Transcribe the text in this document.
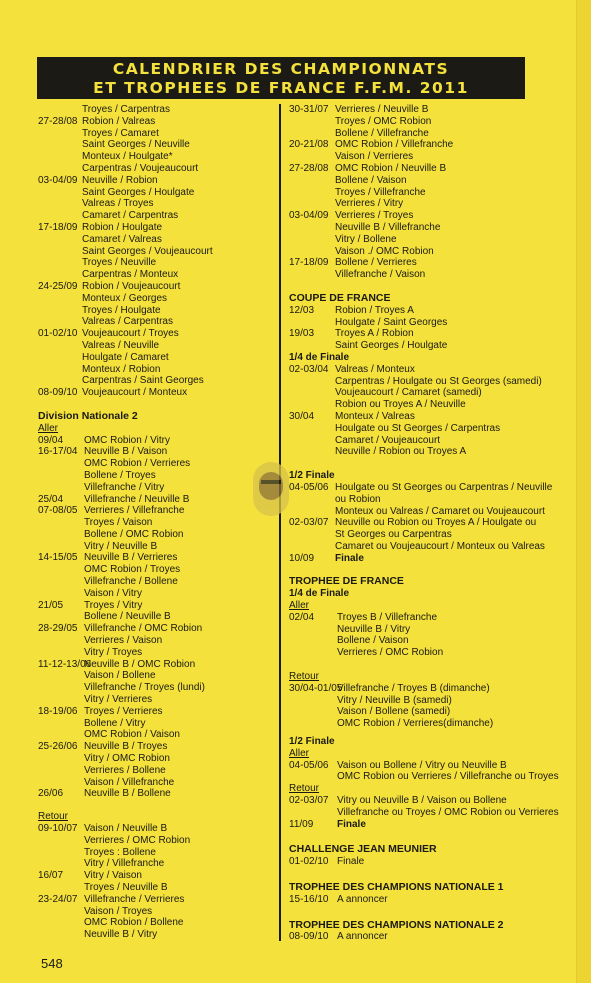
CALENDRIER DES CHAMPIONNATS
ET TROPHEES DE FRANCE F.F.M. 2011
Troyes / Carpentras
27-28/08 Robion / Valreas
Troyes / Camaret
Saint Georges / Neuville
Monteux / Houlgate*
Carpentras / Voujeaucourt
03-04/09 Neuville / Robion
Saint Georges / Houlgate
Valreas / Troyes
Camaret / Carpentras
17-18/09 Robion / Houlgate
Camaret / Valreas
Saint Georges / Voujeaucourt
Troyes / Neuville
Carpentras / Monteux
24-25/09 Robion / Voujeaucourt
Monteux / Georges
Troyes / Houlgate
Valreas / Carpentras
01-02/10 Voujeaucourt / Troyes
Valreas / Neuville
Houlgate / Camaret
Monteux / Robion
Carpentras / Saint Georges
08-09/10 Voujeaucourt / Monteux
Division Nationale 2
Aller
09/04	OMC Robion / Vitry
16-17/04 Neuville B / Vaison
OMC Robion / Verrieres
Bollene / Troyes
Villefranche / Vitry
25/04	Villefranche / Neuville B
07-08/05 Verrieres / Villefranche
Troyes / Vaison
Bollene / OMC Robion
Vitry / Neuville B
14-15/05 Neuville B / Verrieres
OMC Robion / Troyes
Villefranche / Bollene
Vaison / Vitry
21/05	Troyes / Vitry
Bollene / Neuville B
28-29/05 Villefranche / OMC Robion
Verrieres / Vaison
Vitry / Troyes
11-12-13/06
Neuville B / OMC Robion
Vaison / Bollene
Villefranche / Troyes (lundi)
Vitry / Verrieres
18-19/06 Troyes / Verrieres
Bollene / Vitry
OMC Robion / Vaison
25-26/06 Neuville B / Troyes
Vitry / OMC Robion
Verrieres / Bollene
Vaison / Villefranche
26/06	Neuville B / Bollene
Retour
09-10/07 Vaison / Neuville B
Verrieres / OMC Robion
Troyes : Bollene
Vitry / Villefranche
16/07	Vitry / Vaison
Troyes / Neuville B
23-24/07 Villefranche / Verrieres
Vaison / Troyes
OMC Robion / Bollene
Neuville B / Vitry
30-31/07 Verrieres / Neuville B
Troyes / OMC Robion
Bollene / Villefranche
20-21/08 OMC Robion / Villefranche
Vaison / Verrieres
27-28/08 OMC Robion / Neuville B
Bollene / Vaison
Troyes / Villefranche
Verrieres / Vitry
03-04/09 Verrieres / Troyes
Neuville B / Villefranche
Vitry / Bollene
Vaison ./ OMC Robion
17-18/09 Bollene / Verrieres
Villefranche / Vaison
COUPE DE FRANCE
12/03	Robion / Troyes A
Houlgate / Saint Georges
19/03	Troyes A / Robion
Saint Georges / Houlgate
1/4 de Finale
02-03/04 Valreas / Monteux
Carpentras / Houlgate ou St Georges (samedi)
Voujeaucourt / Camaret (samedi)
Robion ou Troyes A / Neuville
30/04	Monteux / Valreas
Houlgate ou St Georges / Carpentras
Camaret / Voujeaucourt
Neuville / Robion ou Troyes A
1/2 Finale
04-05/06 Houlgate ou St Georges ou Carpentras / Neuville
ou Robion
Monteux ou Valreas / Camaret ou Voujeaucourt
02-03/07 Neuville ou Robion ou Troyes A / Houlgate ou
St Georges ou Carpentras
Camaret ou Voujeaucourt / Monteux ou Valreas
10/09	Finale
TROPHEE DE FRANCE
1/4 de Finale
Aller
02/04	Troyes B / Villefranche
Neuville B / Vitry
Bollene / Vaison
Verrieres / OMC Robion
Retour
30/04-01/05
Villefranche / Troyes B (dimanche)
Vitry / Neuville B (samedi)
Vaison / Bollene (samedi)
OMC Robion / Verrieres(dimanche)
1/2 Finale
Aller
04-05/06 Vaison ou Bollene / Vitry ou Neuville B
OMC Robion ou Verrieres / Villefranche ou Troyes
Retour
02-03/07 Vitry ou Neuville B / Vaison ou Bollene
Villefranche ou Troyes / OMC Robion ou Verrieres
11/09	Finale
CHALLENGE JEAN MEUNIER
01-02/10 Finale
TROPHEE DES CHAMPIONS NATIONALE 1
15-16/10 A annoncer
TROPHEE DES CHAMPIONS NATIONALE 2
08-09/10 A annoncer
548
